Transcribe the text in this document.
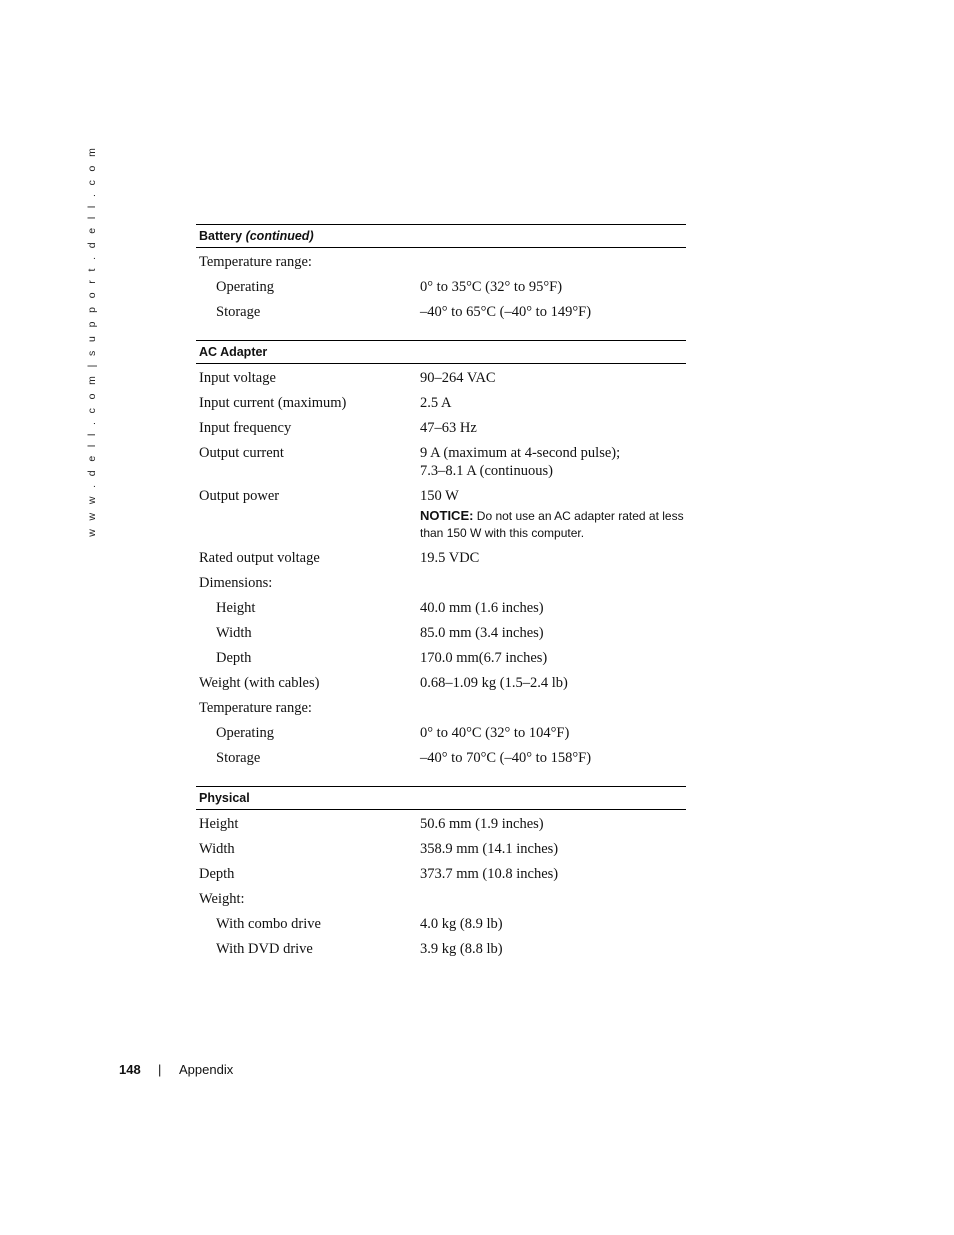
w w w . d e l l . c o m | s u p p o r t . d e l l . c o m	Battery (continued)
Temperature range:
Operating	0° to 35°C (32° to 95°F)
Storage	–40° to 65°C (–40° to 149°F)
AC Adapter
Input voltage	90–264 VAC
Input current (maximum)	2.5 A
Input frequency	47–63 Hz
Output current	9 A (maximum at 4-second pulse);
7.3–8.1 A (continuous)
Output power	150 W
NOTICE: Do not use an AC adapter rated at less than 150 W with this computer.
Rated output voltage	19.5 VDC
Dimensions:
Height	40.0 mm (1.6 inches)
Width	85.0 mm (3.4 inches)
Depth	170.0 mm(6.7 inches)
Weight (with cables)	0.68–1.09 kg (1.5–2.4 lb)
Temperature range:
Operating	0° to 40°C (32° to 104°F)
Storage	–40° to 70°C (–40° to 158°F)
Physical
Height	50.6 mm (1.9 inches)
Width	358.9 mm (14.1 inches)
Depth	373.7 mm (10.8 inches)
Weight:
With combo drive	4.0 kg (8.9 lb)
With DVD drive	3.9 kg (8.8 lb)
148 | Appendix
